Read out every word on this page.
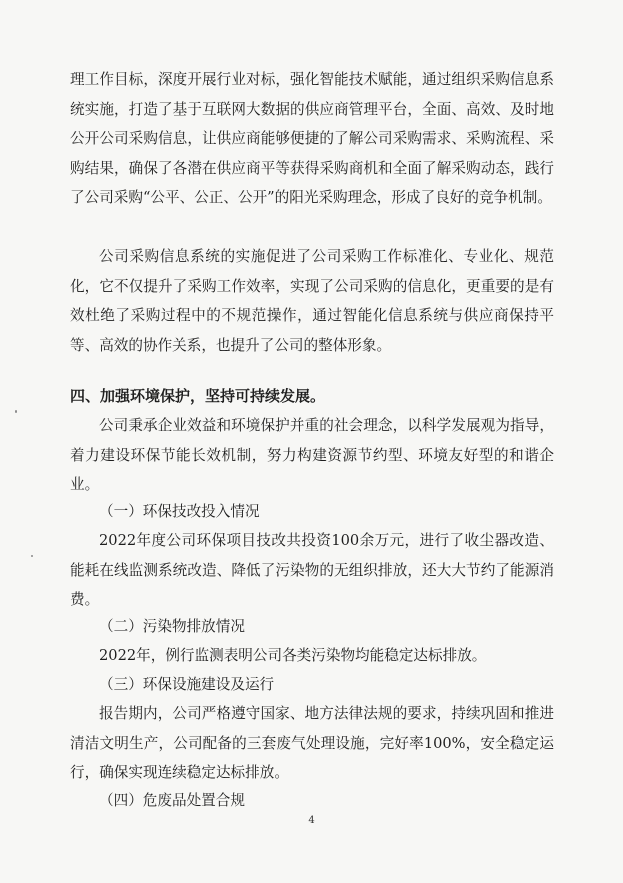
理工作目标，深度开展行业对标，强化智能技术赋能，通过组织采购信息系统实施，打造了基于互联网大数据的供应商管理平台，全面、高效、及时地公开公司采购信息，让供应商能够便捷的了解公司采购需求、采购流程、采购结果，确保了各潜在供应商平等获得采购商机和全面了解采购动态，践行了公司采购“公平、公正、公开”的阳光采购理念，形成了良好的竞争机制。

公司采购信息系统的实施促进了公司采购工作标准化、专业化、规范化，它不仅提升了采购工作效率，实现了公司采购的信息化，更重要的是有效杜绝了采购过程中的不规范操作，通过智能化信息系统与供应商保持平等、高效的协作关系，也提升了公司的整体形象。

四、加强环境保护，坚持可持续发展。

公司秉承企业效益和环境保护并重的社会理念，以科学发展观为指导，着力建设环保节能长效机制，努力构建资源节约型、环境友好型的和谐企业。

（一）环保技改投入情况

2022年度公司环保项目技改共投资100余万元，进行了收尘器改造、能耗在线监测系统改造、降低了污染物的无组织排放，还大大节约了能源消费。

（二）污染物排放情况

2022年，例行监测表明公司各类污染物均能稳定达标排放。

（三）环保设施建设及运行

报告期内，公司严格遵守国家、地方法律法规的要求，持续巩固和推进清洁文明生产，公司配备的三套废气处理设施，完好率100%，安全稳定运行，确保实现连续稳定达标排放。

（四）危废品处置合规

4
